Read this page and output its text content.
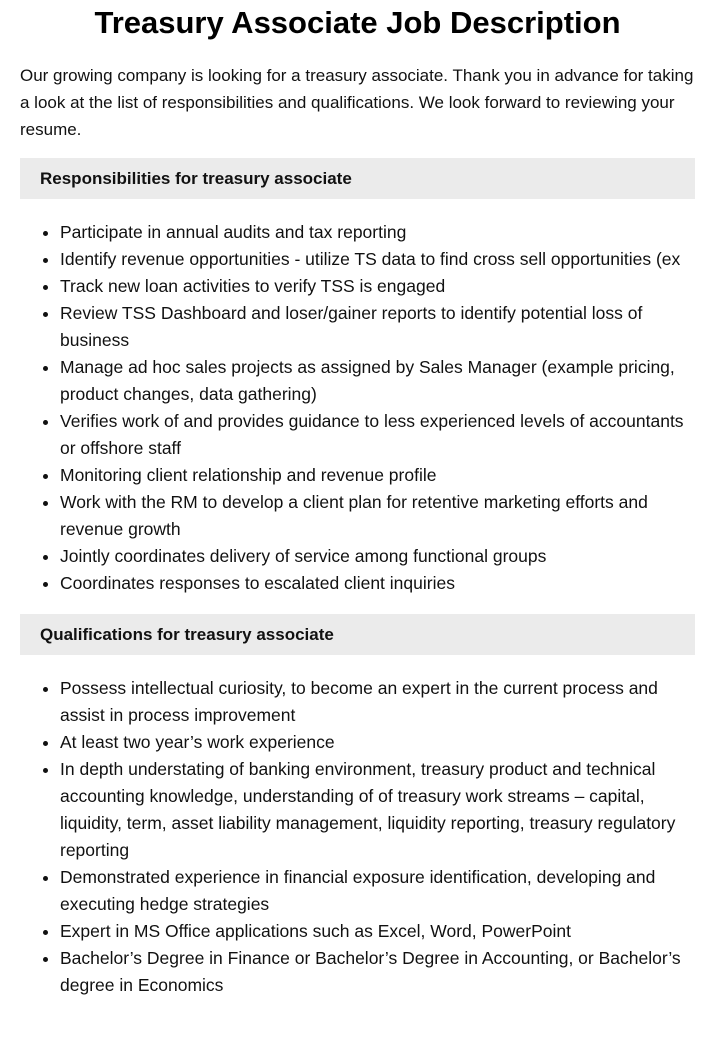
Treasury Associate Job Description

Our growing company is looking for a treasury associate. Thank you in advance for taking a look at the list of responsibilities and qualifications. We look forward to reviewing your resume.

Responsibilities for treasury associate
Participate in annual audits and tax reporting
Identify revenue opportunities - utilize TS data to find cross sell opportunities (ex
Track new loan activities to verify TSS is engaged
Review TSS Dashboard and loser/gainer reports to identify potential loss of business
Manage ad hoc sales projects as assigned by Sales Manager (example pricing, product changes, data gathering)
Verifies work of and provides guidance to less experienced levels of accountants or offshore staff
Monitoring client relationship and revenue profile
Work with the RM to develop a client plan for retentive marketing efforts and revenue growth
Jointly coordinates delivery of service among functional groups
Coordinates responses to escalated client inquiries
Qualifications for treasury associate
Possess intellectual curiosity, to become an expert in the current process and assist in process improvement
At least two year’s work experience
In depth understating of banking environment, treasury product and technical accounting knowledge, understanding of of treasury work streams – capital, liquidity, term, asset liability management, liquidity reporting, treasury regulatory reporting
Demonstrated experience in financial exposure identification, developing and executing hedge strategies
Expert in MS Office applications such as Excel, Word, PowerPoint
Bachelor’s Degree in Finance or Bachelor’s Degree in Accounting, or Bachelor’s degree in Economics
